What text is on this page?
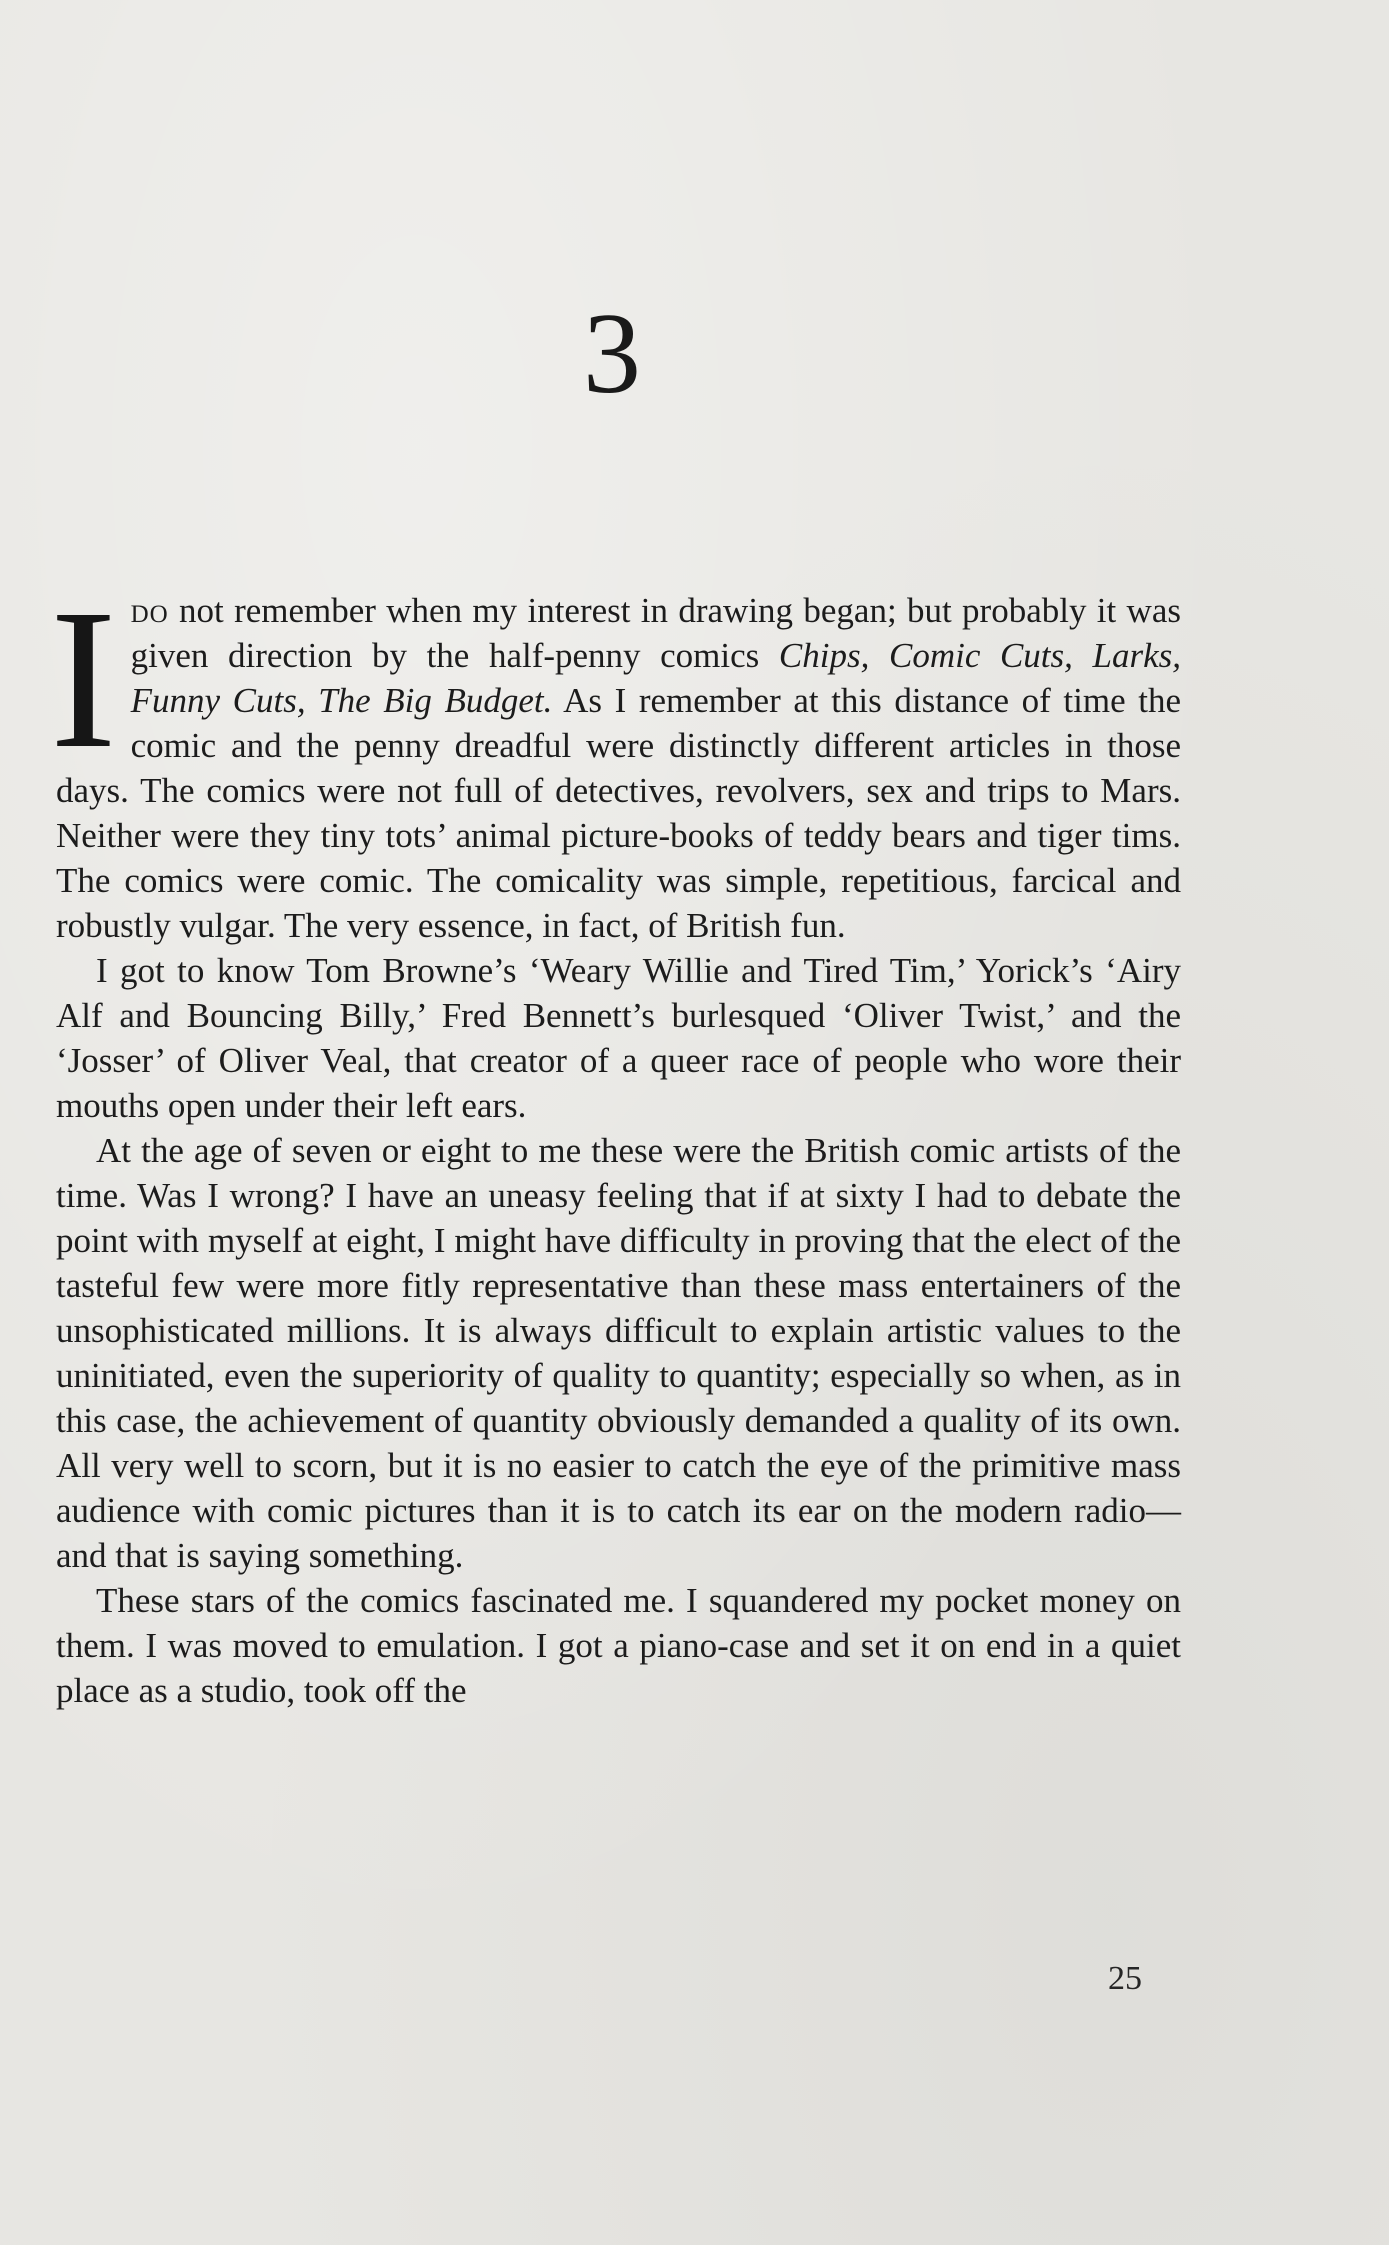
3

Ido not remember when my interest in drawing began; but probably it was given direction by the half-penny comics Chips, Comic Cuts, Larks, Funny Cuts, The Big Budget. As I remember at this distance of time the comic and the penny dreadful were distinctly different articles in those days. The comics were not full of detectives, revolvers, sex and trips to Mars. Neither were they tiny tots’ animal picture-books of teddy bears and tiger tims. The comics were comic. The comicality was simple, repetitious, farcical and robustly vulgar. The very essence, in fact, of British fun.

I got to know Tom Browne’s ‘Weary Willie and Tired Tim,’ Yorick’s ‘Airy Alf and Bouncing Billy,’ Fred Bennett’s burlesqued ‘Oliver Twist,’ and the ‘Josser’ of Oliver Veal, that creator of a queer race of people who wore their mouths open under their left ears.

At the age of seven or eight to me these were the British comic artists of the time. Was I wrong? I have an uneasy feeling that if at sixty I had to debate the point with myself at eight, I might have difficulty in proving that the elect of the tasteful few were more fitly representative than these mass entertainers of the unsophisticated millions. It is always difficult to explain artistic values to the uninitiated, even the superiority of quality to quantity; especially so when, as in this case, the achievement of quantity obviously demanded a quality of its own. All very well to scorn, but it is no easier to catch the eye of the primitive mass audience with comic pictures than it is to catch its ear on the modern radio—and that is saying something.

These stars of the comics fascinated me. I squandered my pocket money on them. I was moved to emulation. I got a piano-case and set it on end in a quiet place as a studio, took off the

25
